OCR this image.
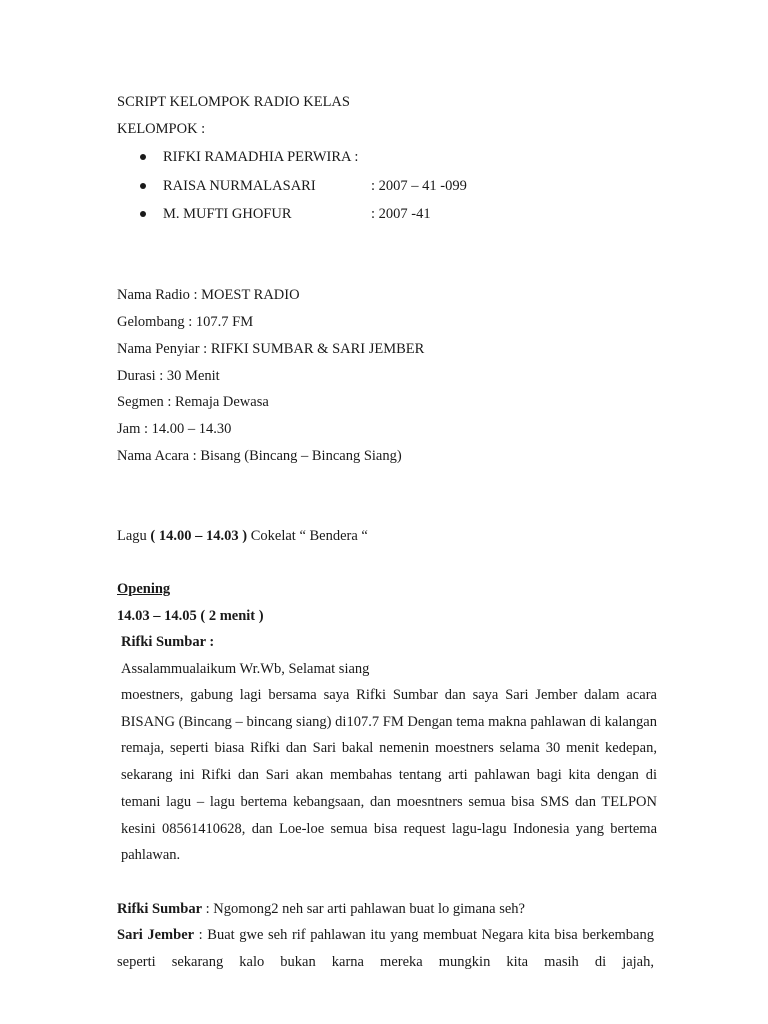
SCRIPT KELOMPOK RADIO KELAS
KELOMPOK :
RIFKI RAMADHIA PERWIRA :
RAISA NURMALASARI	: 2007 – 41 -099
M. MUFTI GHOFUR	: 2007 -41
Nama Radio : MOEST RADIO
Gelombang : 107.7 FM
Nama Penyiar : RIFKI SUMBAR & SARI JEMBER
Durasi : 30 Menit
Segmen : Remaja Dewasa
Jam : 14.00 – 14.30
Nama Acara : Bisang (Bincang – Bincang Siang)
Lagu ( 14.00 – 14.03 ) Cokelat “ Bendera “
Opening
14.03 – 14.05 ( 2 menit )
Rifki Sumbar :
Assalammualaikum Wr.Wb, Selamat siang
moestners, gabung lagi bersama saya Rifki Sumbar dan saya Sari Jember dalam acara BISANG (Bincang – bincang siang) di107.7 FM Dengan tema makna pahlawan di kalangan remaja, seperti biasa Rifki dan Sari bakal nemenin moestners selama 30 menit kedepan, sekarang ini Rifki dan Sari akan membahas tentang arti pahlawan bagi kita dengan di temani lagu – lagu bertema kebangsaan, dan moesntners semua bisa SMS dan TELPON kesini 08561410628, dan Loe-loe semua bisa request lagu-lagu Indonesia yang bertema pahlawan.
Rifki Sumbar : Ngomong2 neh sar arti pahlawan buat lo gimana seh?
Sari Jember : Buat gwe seh rif pahlawan itu yang membuat Negara kita bisa berkembang seperti sekarang kalo bukan karna mereka mungkin kita masih di jajah,
